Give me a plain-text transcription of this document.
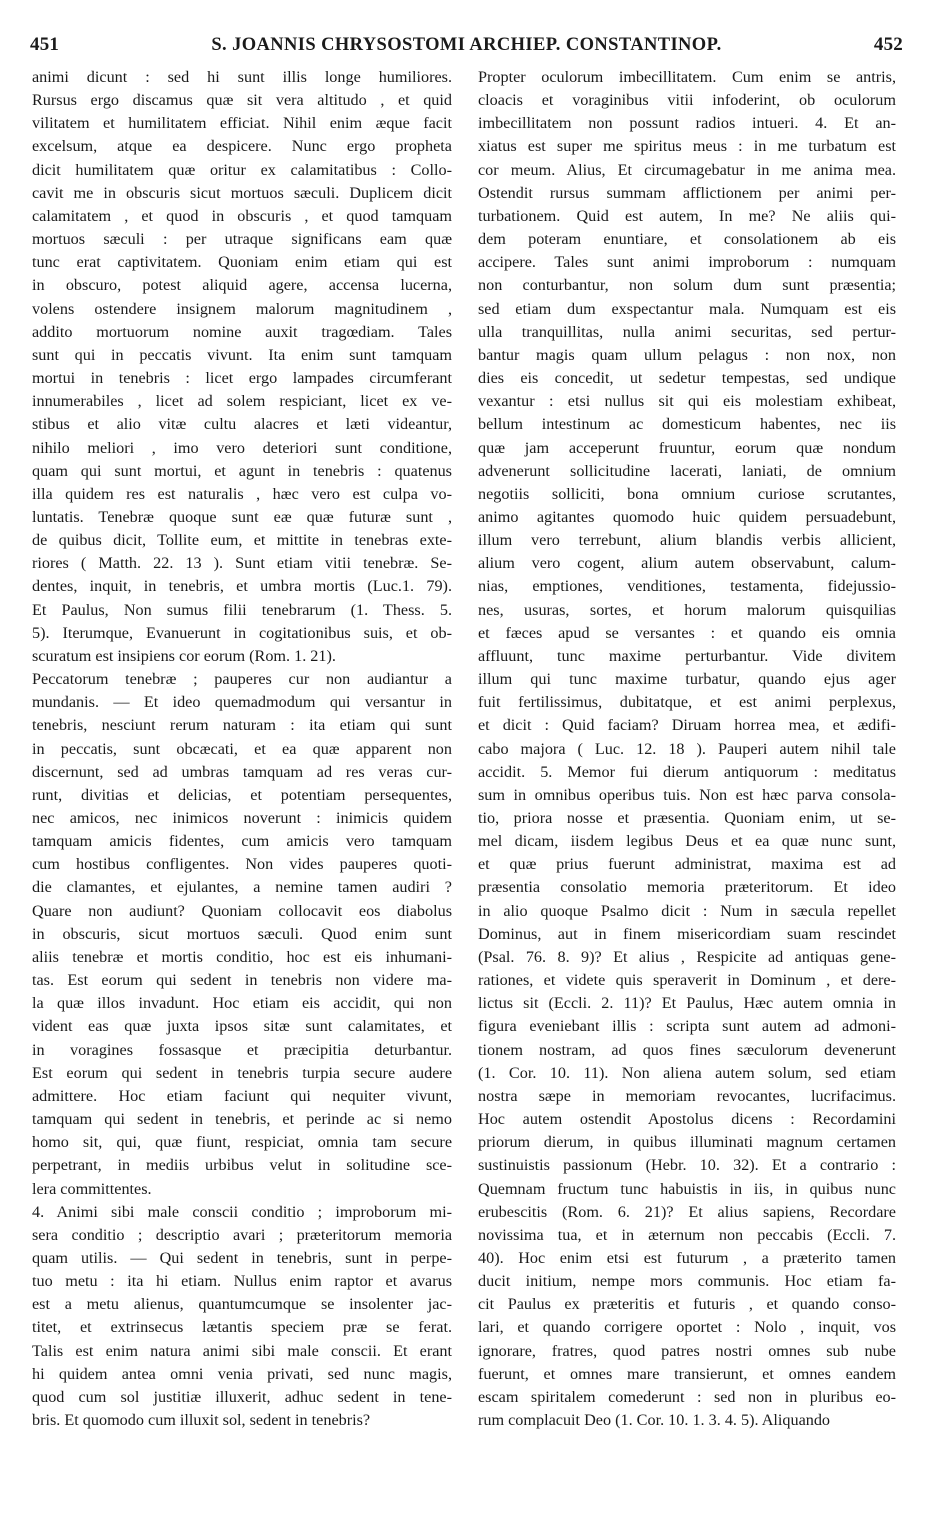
451	S. JOANNIS CHRYSOSTOMI ARCHIEP. CONSTANTINOP.	452
animi dicunt : sed hi sunt illis longe humiliores.
Rursus ergo discamus quæ sit vera altitudo , et quid
vilitatem et humilitatem efficiat. Nihil enim æque facit
excelsum, atque ea despicere. Nunc ergo propheta
dicit humilitatem quæ oritur ex calamitatibus : Collo-
cavit me in obscuris sicut mortuos sæculi. Duplicem dicit
calamitatem , et quod in obscuris , et quod tamquam
mortuos sæculi : per utraque significans eam quæ
tunc erat captivitatem. Quoniam enim etiam qui est
in obscuro, potest aliquid agere, accensa lucerna,
volens ostendere insignem malorum magnitudinem ,
addito mortuorum nomine auxit tragœdiam. Tales
sunt qui in peccatis vivunt. Ita enim sunt tamquam
mortui in tenebris : licet ergo lampades circumferant
innumerabiles , licet ad solem respiciant, licet ex ve-
stibus et alio vitæ cultu alacres et læti videantur,
nihilo meliori , imo vero deteriori sunt conditione,
quam qui sunt mortui, et agunt in tenebris : quatenus
illa quidem res est naturalis , hæc vero est culpa vo-
luntatis. Tenebræ quoque sunt eæ quæ futuræ sunt ,
de quibus dicit, Tollite eum, et mittite in tenebras exte-
riores ( Matth. 22. 13 ). Sunt etiam vitii tenebræ. Se-
dentes, inquit, in tenebris, et umbra mortis (Luc.1. 79).
Et Paulus, Non sumus filii tenebrarum (1. Thess. 5.
5). Iterumque, Evanuerunt in cogitationibus suis, et ob-
scuratum est insipiens cor eorum (Rom. 1. 21).
Peccatorum tenebræ ; pauperes cur non audiantur a
mundanis. — Et ideo quemadmodum qui versantur in
tenebris, nesciunt rerum naturam : ita etiam qui sunt
in peccatis, sunt obcæcati, et ea quæ apparent non
discernunt, sed ad umbras tamquam ad res veras cur-
runt, divitias et delicias, et potentiam persequentes,
nec amicos, nec inimicos noverunt : inimicis quidem
tamquam amicis fidentes, cum amicis vero tamquam
cum hostibus confligentes. Non vides pauperes quoti-
die clamantes, et ejulantes, a nemine tamen audiri ?
Quare non audiunt? Quoniam collocavit eos diabolus
in obscuris, sicut mortuos sæculi. Quod enim sunt
aliis tenebræ et mortis conditio, hoc est eis inhumani-
tas. Est eorum qui sedent in tenebris non videre ma-
la quæ illos invadunt. Hoc etiam eis accidit, qui non
vident eas quæ juxta ipsos sitæ sunt calamitates, et
in voragines fossasque et præcipitia deturbantur.
Est eorum qui sedent in tenebris turpia secure audere
admittere. Hoc etiam faciunt qui nequiter vivunt,
tamquam qui sedent in tenebris, et perinde ac si nemo
homo sit, qui, quæ fiunt, respiciat, omnia tam secure
perpetrant, in mediis urbibus velut in solitudine sce-
lera committentes.
4. Animi sibi male conscii conditio ; improborum mi-
sera conditio ; descriptio avari ; præteritorum memoria
quam utilis. — Qui sedent in tenebris, sunt in perpe-
tuo metu : ita hi etiam. Nullus enim raptor et avarus
est a metu alienus, quantumcumque se insolenter jac-
titet, et extrinsecus lætantis speciem præ se ferat.
Talis est enim natura animi sibi male conscii. Et erant
hi quidem antea omni venia privati, sed nunc magis,
quod cum sol justitiæ illuxerit, adhuc sedent in tene-
bris. Et quomodo cum illuxit sol, sedent in tenebris?
Propter oculorum imbecillitatem. Cum enim se antris,
cloacis et voraginibus vitii infoderint, ob oculorum
imbecillitatem non possunt radios intueri. 4. Et an-
xiatus est super me spiritus meus : in me turbatum est
cor meum. Alius, Et circumagebatur in me anima mea.
Ostendit rursus summam afflictionem per animi per-
turbationem. Quid est autem, In me? Ne aliis qui-
dem poteram enuntiare, et consolationem ab eis
accipere. Tales sunt animi improborum : numquam
non conturbantur, non solum dum sunt præsentia;
sed etiam dum exspectantur mala. Numquam est eis
ulla tranquillitas, nulla animi securitas, sed pertur-
bantur magis quam ullum pelagus : non nox, non
dies eis concedit, ut sedetur tempestas, sed undique
vexantur : etsi nullus sit qui eis molestiam exhibeat,
bellum intestinum ac domesticum habentes, nec iis
quæ jam acceperunt fruuntur, eorum quæ nondum
advenerunt sollicitudine lacerati, laniati, de omnium
negotiis solliciti, bona omnium curiose scrutantes,
animo agitantes quomodo huic quidem persuadebunt,
illum vero terrebunt, alium blandis verbis allicient,
alium vero cogent, alium autem observabunt, calum-
nias, emptiones, venditiones, testamenta, fidejussio-
nes, usuras, sortes, et horum malorum quisquilias
et fæces apud se versantes : et quando eis omnia
affluunt, tunc maxime perturbantur. Vide divitem
illum qui tunc maxime turbatur, quando ejus ager
fuit fertilissimus, dubitatque, et est animi perplexus,
et dicit : Quid faciam? Diruam horrea mea, et ædifi-
cabo majora ( Luc. 12. 18 ). Pauperi autem nihil tale
accidit. 5. Memor fui dierum antiquorum : meditatus
sum in omnibus operibus tuis. Non est hæc parva consola-
tio, priora nosse et præsentia. Quoniam enim, ut se-
mel dicam, iisdem legibus Deus et ea quæ nunc sunt,
et quæ prius fuerunt administrat, maxima est ad
præsentia consolatio memoria præteritorum. Et ideo
in alio quoque Psalmo dicit : Num in sæcula repellet
Dominus, aut in finem misericordiam suam rescindet
(Psal. 76. 8. 9)? Et alius , Respicite ad antiquas gene-
rationes, et videte quis speraverit in Dominum , et dere-
lictus sit (Eccli. 2. 11)? Et Paulus, Hæc autem omnia in
figura eveniebant illis : scripta sunt autem ad admoni-
tionem nostram, ad quos fines sæculorum devenerunt
(1. Cor. 10. 11). Non aliena autem solum, sed etiam
nostra sæpe in memoriam revocantes, lucrifacimus.
Hoc autem ostendit Apostolus dicens : Recordamini
priorum dierum, in quibus illuminati magnum certamen
sustinuistis passionum (Hebr. 10. 32). Et a contrario :
Quemnam fructum tunc habuistis in iis, in quibus nunc
erubescitis (Rom. 6. 21)? Et alius sapiens, Recordare
novissima tua, et in æternum non peccabis (Eccli. 7.
40). Hoc enim etsi est futurum , a præterito tamen
ducit initium, nempe mors communis. Hoc etiam fa-
cit Paulus ex præteritis et futuris , et quando conso-
lari, et quando corrigere oportet : Nolo , inquit, vos
ignorare, fratres, quod patres nostri omnes sub nube
fuerunt, et omnes mare transierunt, et omnes eandem
escam spiritalem comederunt : sed non in pluribus eo-
rum complacuit Deo (1. Cor. 10. 1. 3. 4. 5). Aliquando
